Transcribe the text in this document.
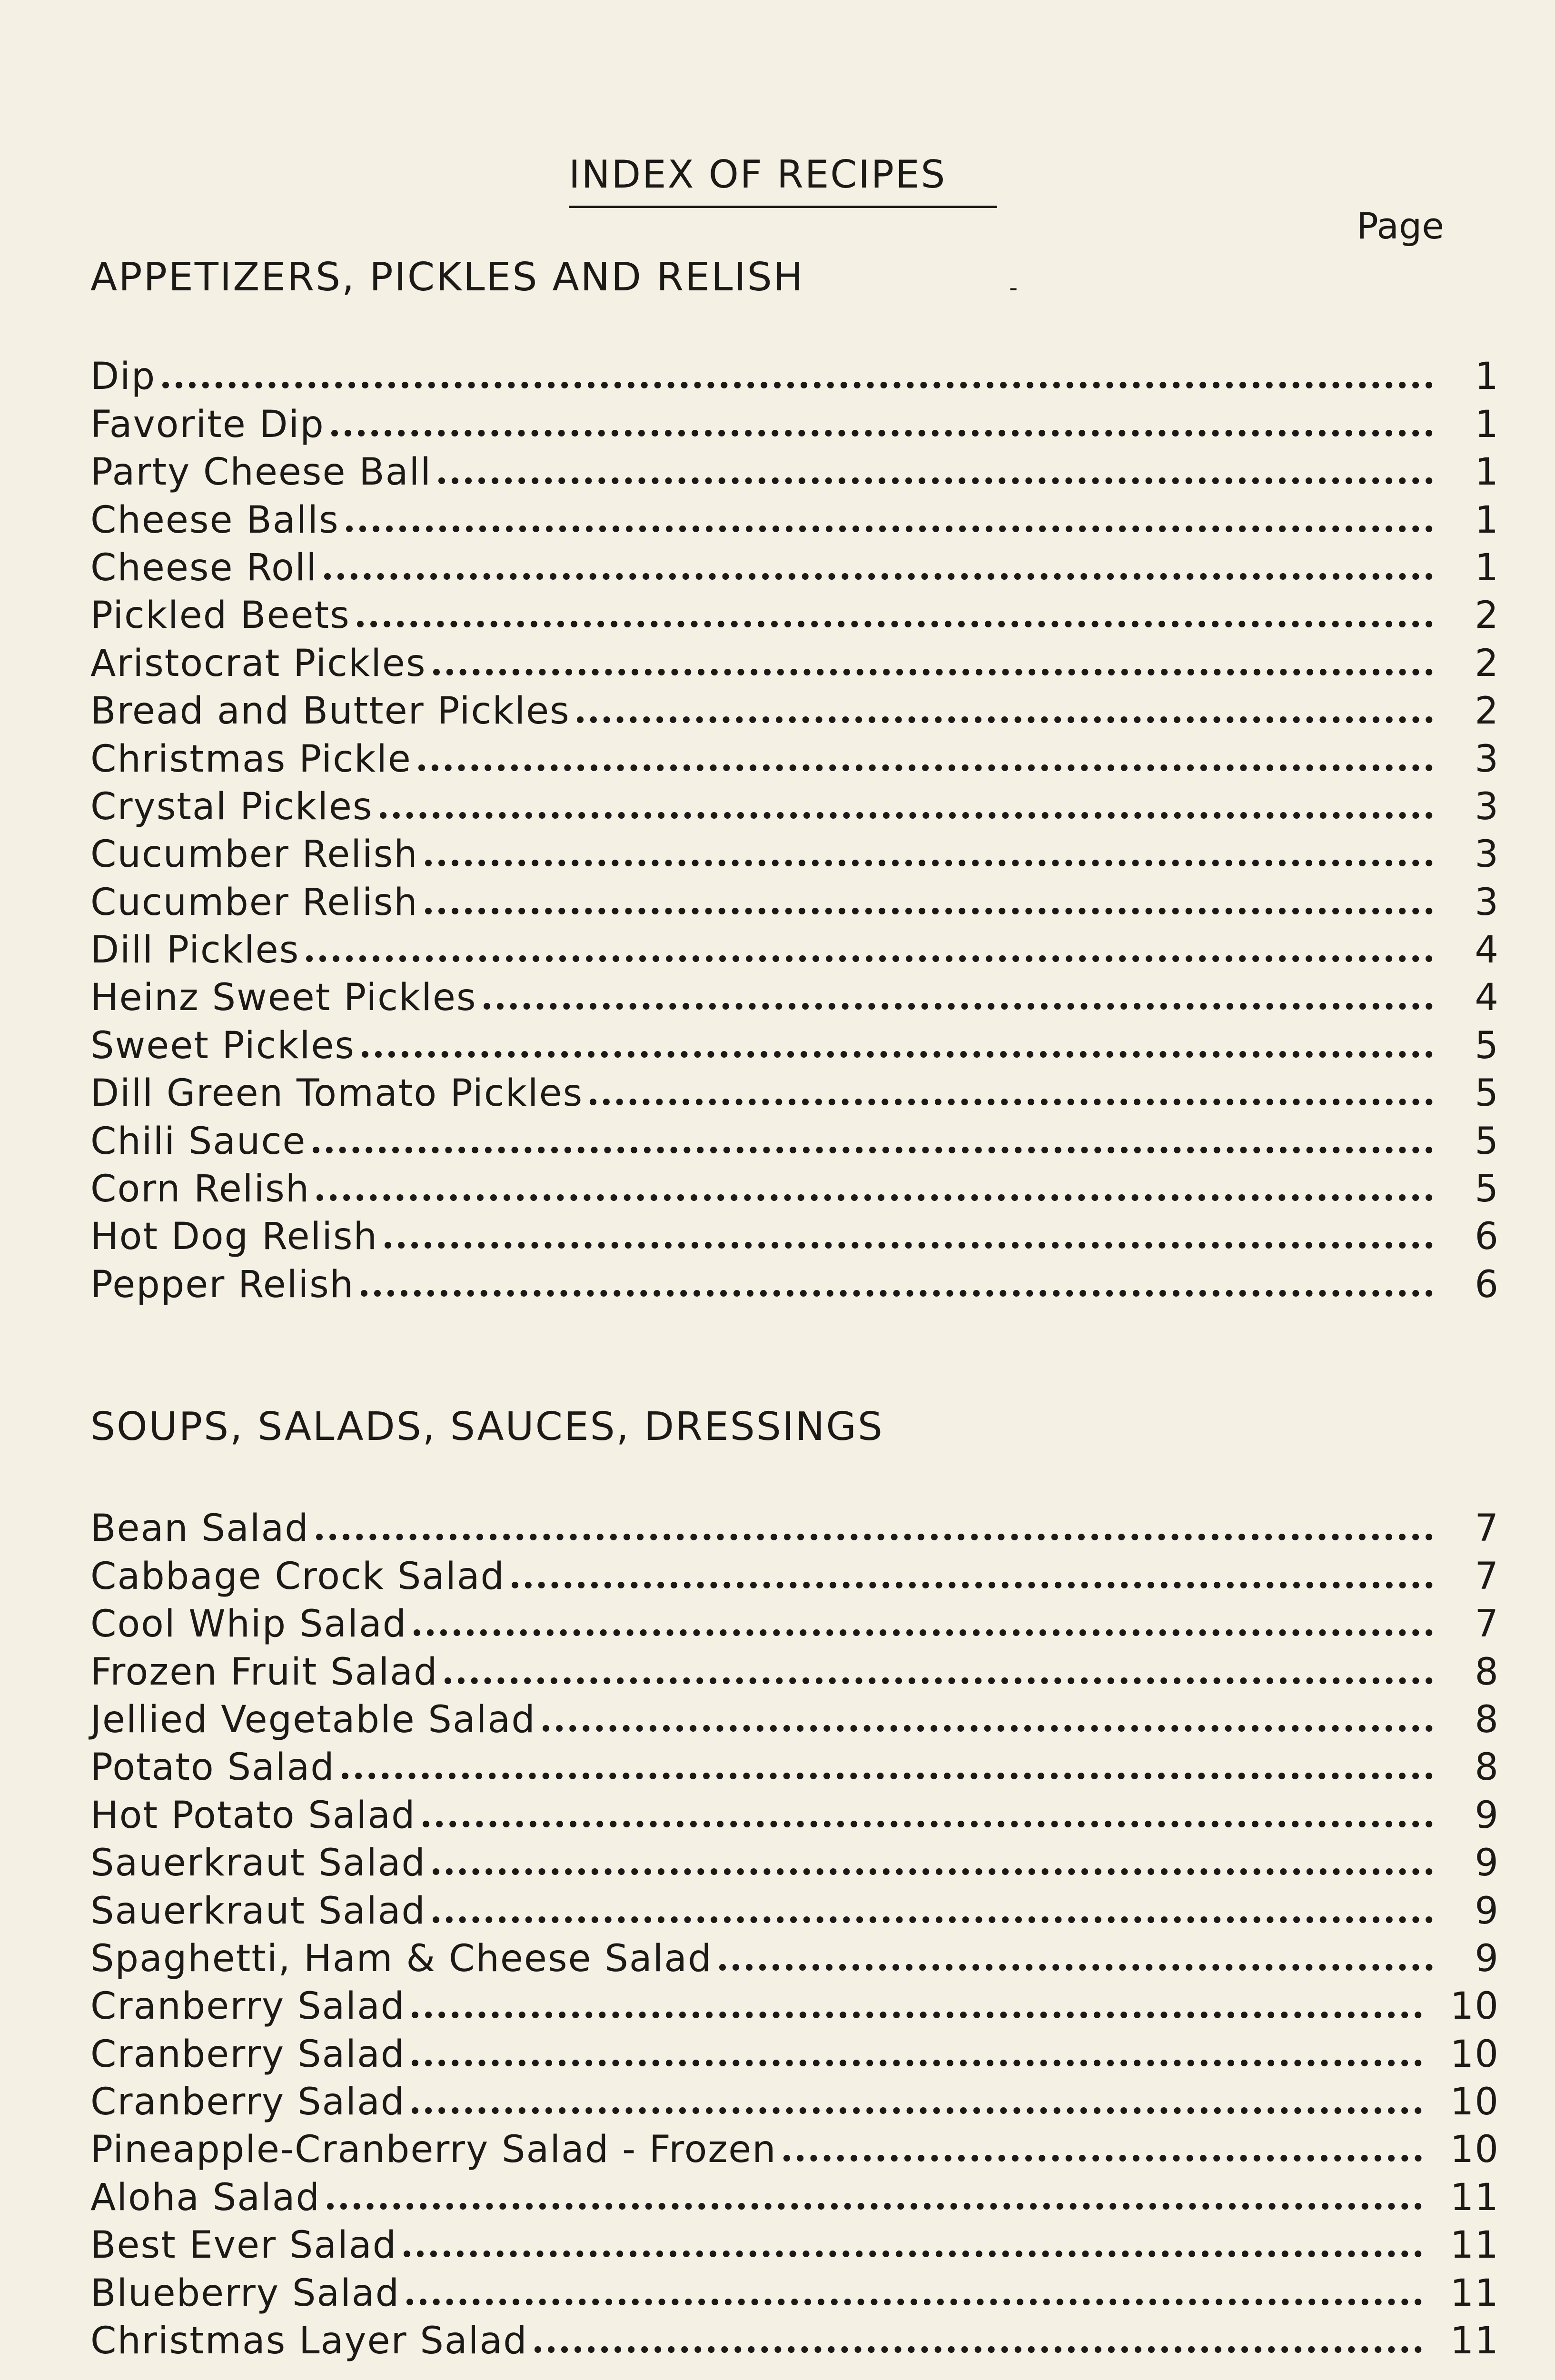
INDEX OF RECIPES
Page
APPETIZERS, PICKLES AND RELISH	-
Dip	1
Favorite Dip	1
Party Cheese Ball	1
Cheese Balls	1
Cheese Roll	1
Pickled Beets	2
Aristocrat Pickles	2
Bread and Butter Pickles	2
Christmas Pickle	3
Crystal Pickles	3
Cucumber Relish	3
Cucumber Relish	3
Dill Pickles	4
Heinz Sweet Pickles	4
Sweet Pickles	5
Dill Green Tomato Pickles	5
Chili Sauce	5
Corn Relish	5
Hot Dog Relish	6
Pepper Relish	6
SOUPS, SALADS, SAUCES, DRESSINGS
Bean Salad	7
Cabbage Crock Salad	7
Cool Whip Salad	7
Frozen Fruit Salad	8
Jellied Vegetable Salad	8
Potato Salad	8
Hot Potato Salad	9
Sauerkraut Salad	9
Sauerkraut Salad	9
Spaghetti, Ham & Cheese Salad	9
Cranberry Salad	10
Cranberry Salad	10
Cranberry Salad	10
Pineapple-Cranberry Salad - Frozen	10
Aloha Salad	11
Best Ever Salad	11
Blueberry Salad	11
Christmas Layer Salad	11
